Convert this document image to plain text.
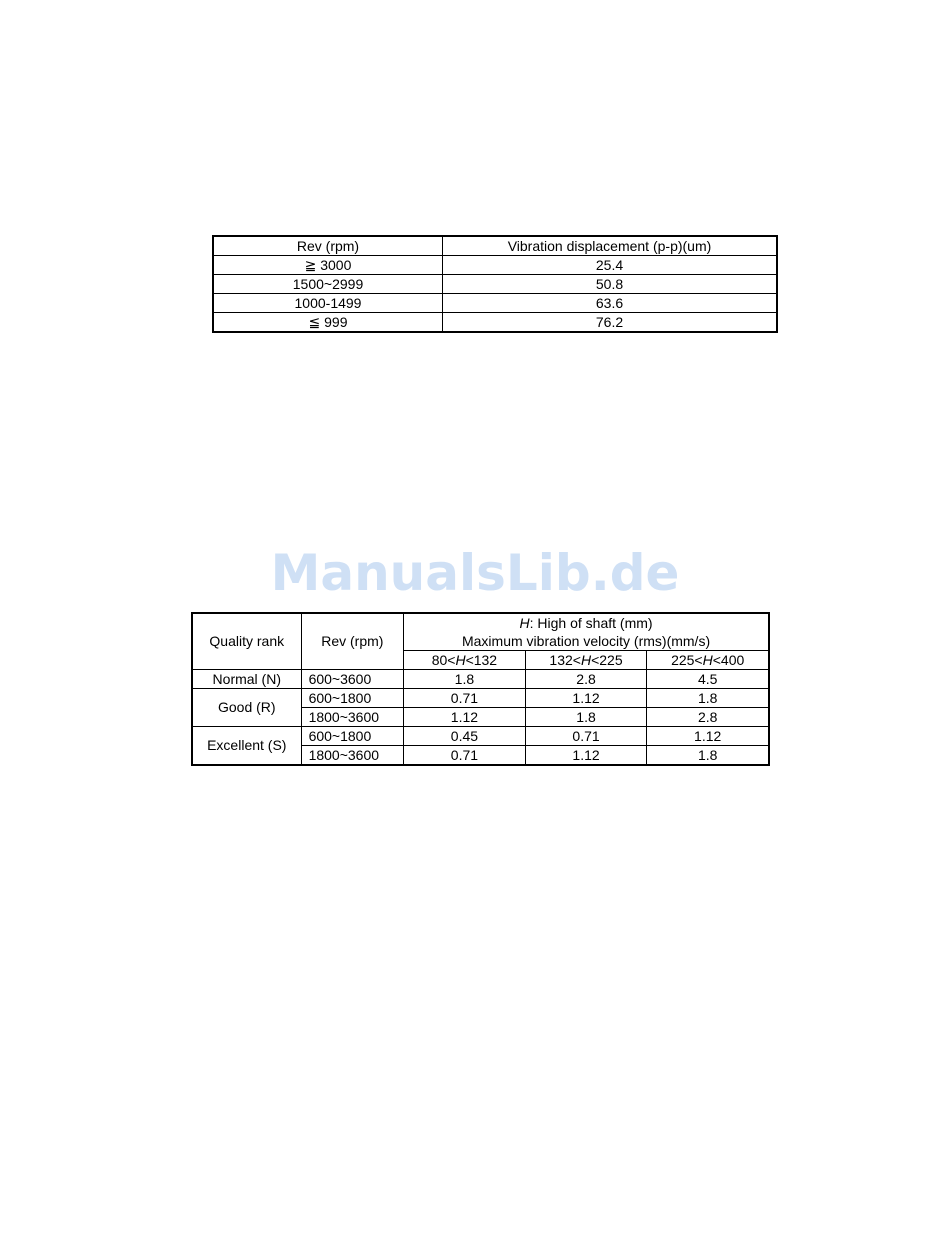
Rev (rpm)	Vibration displacement (p-p)(um)
≧ 3000	25.4
1500~2999	50.8
1000-1499	63.6
≦ 999	76.2
ManualsLib.de
Quality rank	Rev (rpm)	H: High of shaft (mm)		
		Maximum vibration velocity (rms)(mm/s)		
		80<H<132	132<H<225	225<H<400
Normal (N)	600~3600	1.8	2.8	4.5
Good (R)	600~1800	0.71	1.12	1.8
	1800~3600	1.12	1.8	2.8
Excellent (S)	600~1800	0.45	0.71	1.12
	1800~3600	0.71	1.12	1.8
